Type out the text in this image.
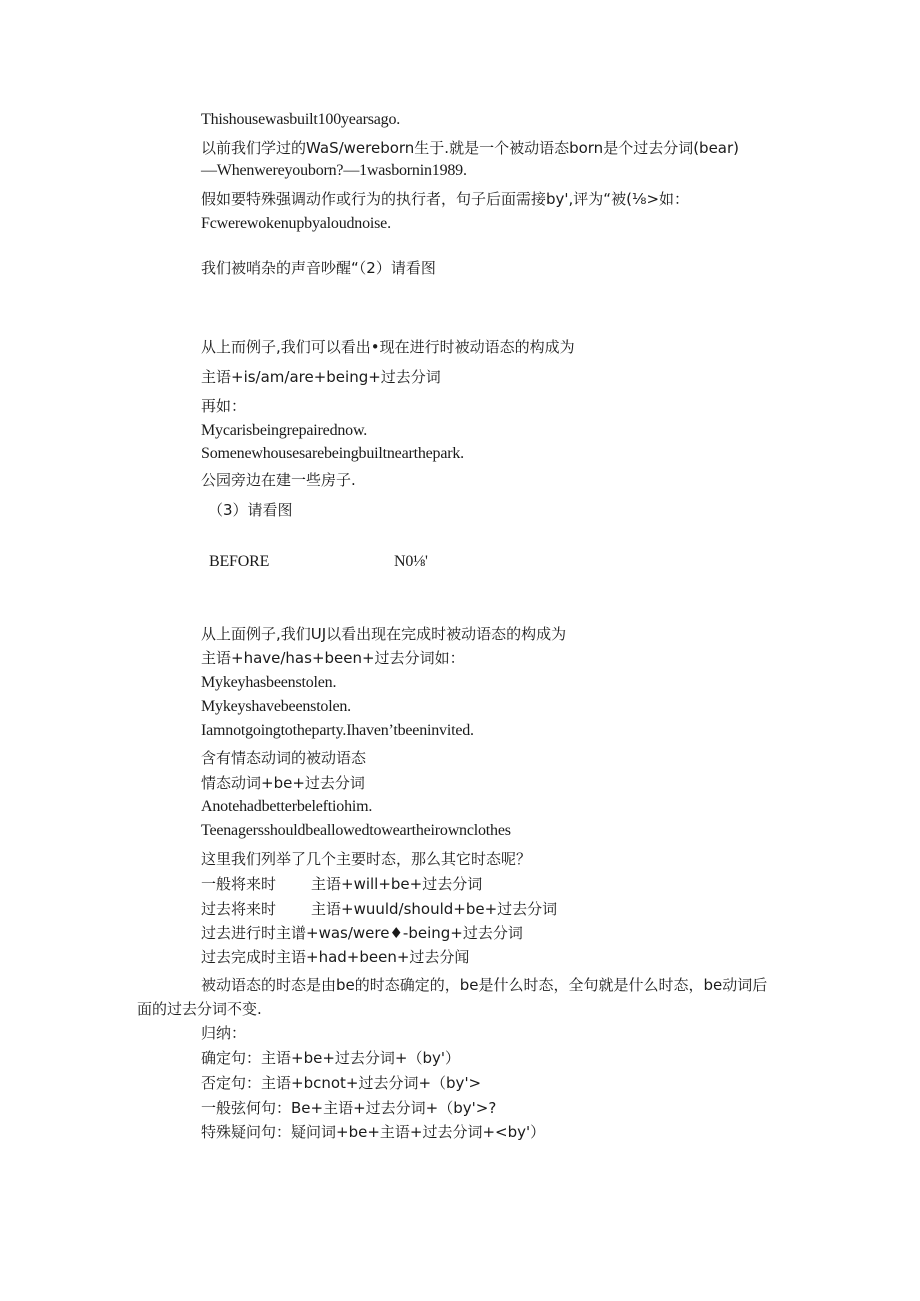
Thishousewasbuilt100yearsago.
以前我们学过的WaS/wereborn生于.就是一个被动语态born是个过去分词(bear)
—Whenwereyouborn?—1wasbornin1989.
假如要特殊强调动作或行为的执行者，句子后面需接by',评为“被(⅛>如：
Fcwerewokenupbyaloudnoise.
我们被哨杂的声音吵醒“（2）请看图
从上而例子,我们可以看出•现在进行时被动语态的构成为
主语+is/am/are+being+过去分词
再如：
Mycarisbeingrepairednow.
Somenewhousesarebeingbuiltnearthepark.
公园旁边在建一些房子.
（3）请看图
BEFORE	N0⅛'
从上面例子,我们UJ以看出现在完成时被动语态的构成为
主语+have/has+been+过去分词如：
Mykeyhasbeenstolen.
Mykeyshavebeenstolen.
Iamnotgoingtotheparty.Ihaven’tbeeninvited.
含有情态动词的被动语态
情态动词+be+过去分词
Anotehadbetterbeleftiohim.
Teenagersshouldbeallowedtoweartheirownclothes
这里我们列举了几个主要时态，那么其它时态呢？
一般将来时 主语+will+be+过去分词
过去将来时 主语+wuuld/should+be+过去分词
过去进行时主谱+was/were♦-being+过去分词
过去完成时主语+had+been+过去分闻
被动语态的时态是由be的时态确定的，be是什么时态，全句就是什么时态，be动词后
面的过去分词不变.
归纳：
确定句：主语+be+过去分词+（by'）
否定句：主语+bcnot+过去分词+（by'>
一般弦何句：Be+主语+过去分词+（by'>?
特殊疑问句：疑问词+be+主语+过去分词+<by'）
